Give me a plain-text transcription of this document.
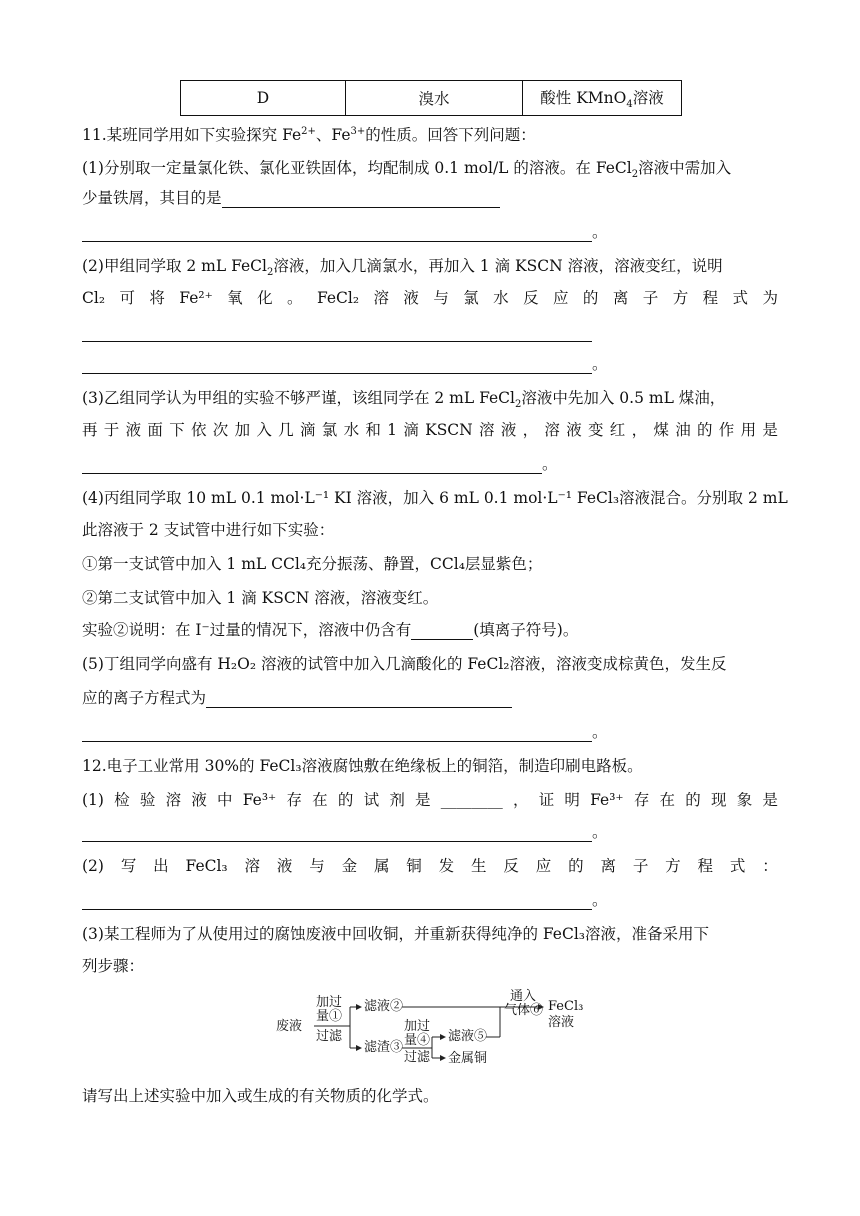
D	溴水	酸性 KMnO$_4$溶液
11.某班同学用如下实验探究 $Fe^{2+}$、$Fe^{3+}$的性质。回答下列问题：
(1)分别取一定量氯化铁、氯化亚铁固体，均配制成 0.1 mol/L 的溶液。在 FeCl$_2$溶液中需加入
少量铁屑，其目的是
。
(2)甲组同学取 2 mL FeCl$_2$溶液，加入几滴氯水，再加入 1 滴 KSCN 溶液，溶液变红，说明
Cl₂ 可 将 Fe²⁺ 氧 化 。 FeCl₂ 溶 液 与 氯 水 反 应 的 离 子 方 程 式 为
。
(3)乙组同学认为甲组的实验不够严谨，该组同学在 2 mL FeCl$_2$溶液中先加入 0.5 mL 煤油，
再 于 液 面 下 依 次 加 入 几 滴 氯 水 和 1 滴 KSCN 溶 液 ， 溶 液 变 红 ， 煤 油 的 作 用 是
。
(4)丙组同学取 10 mL 0.1 mol·L⁻¹ KI 溶液，加入 6 mL 0.1 mol·L⁻¹ FeCl₃溶液混合。分别取 2 mL
此溶液于 2 支试管中进行如下实验：
①第一支试管中加入 1 mL CCl₄充分振荡、静置，CCl₄层显紫色；
②第二支试管中加入 1 滴 KSCN 溶液，溶液变红。
实验②说明：在 I⁻过量的情况下，溶液中仍含有	(填离子符号)。
(5)丁组同学向盛有 H₂O₂ 溶液的试管中加入几滴酸化的 FeCl₂溶液，溶液变成棕黄色，发生反
应的离子方程式为
。
12.电子工业常用 30%的 FeCl₃溶液腐蚀敷在绝缘板上的铜箔，制造印刷电路板。
(1) 检 验 溶 液 中 Fe³⁺ 存 在 的 试 剂 是 ________ ， 证 明 Fe³⁺ 存 在 的 现 象 是
。
(2) 写 出 FeCl₃ 溶 液 与 金 属 铜 发 生 反 应 的 离 子 方 程 式 ：
。
(3)某工程师为了从使用过的腐蚀废液中回收铜，并重新获得纯净的 FeCl₃溶液，准备采用下
列步骤：
废液
加过
量①
过滤
滤液②
滤渣③
加过
量④
过滤
滤液⑤
金属铜
通入
气体⑥ FeCl₃
溶液
请写出上述实验中加入或生成的有关物质的化学式。
